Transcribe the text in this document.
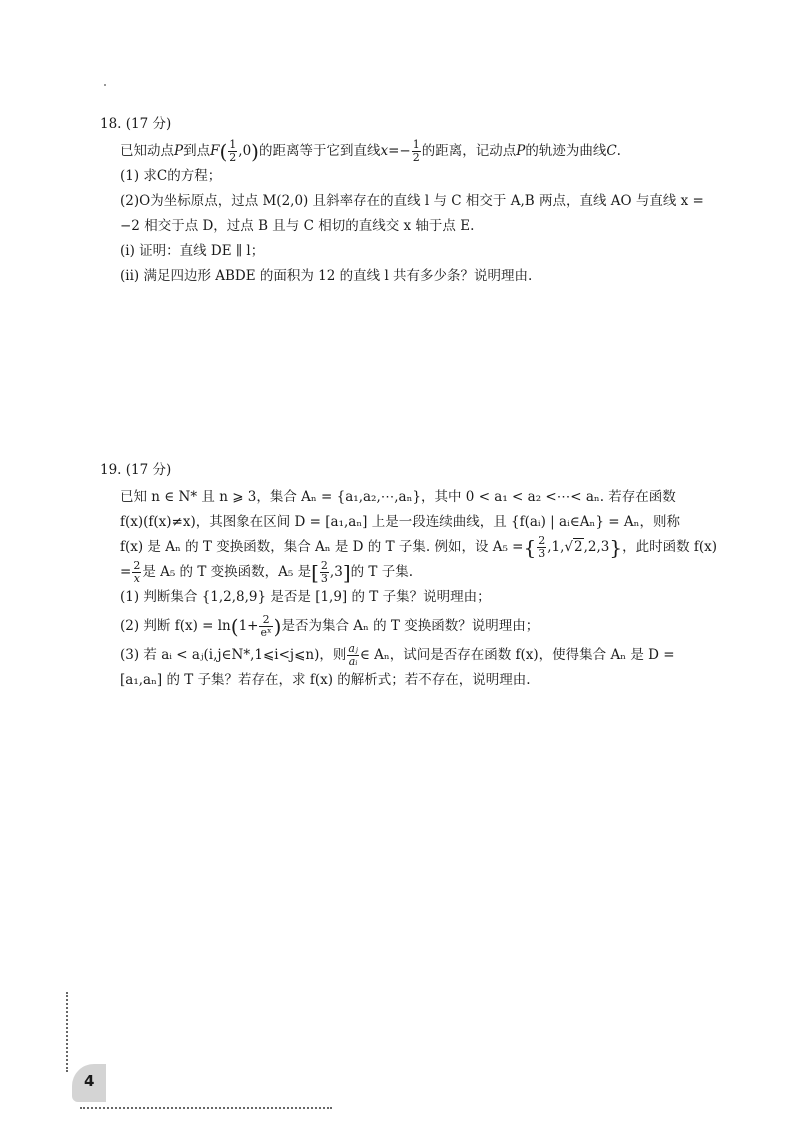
18. (17 分)
已知动点P到点$F( \frac{1}{2} ,0)$的距离等于它到直线$x=- \frac{1}{2}$ 的距离，记动点P的轨迹为曲线C.
(1) 求C的方程；
(2)O为坐标原点，过点 M(2,0) 且斜率存在的直线 l 与 C 相交于 A,B 两点，直线 AO 与直线 x =
−2 相交于点 D，过点 B 且与 C 相切的直线交 x 轴于点 E.
(i) 证明：直线 DE ∥ l；
(ii) 满足四边形 ABDE 的面积为 12 的直线 l 共有多少条？说明理由.
19. (17 分)
已知 n ∈ N* 且 n ⩾ 3，集合 Aₙ = {a₁,a₂,⋯,aₙ}，其中 0 < a₁ < a₂ <⋯< aₙ. 若存在函数
f(x)(f(x)≠x)，其图象在区间 D = [a₁,aₙ] 上是一段连续曲线，且 {f(aᵢ) | aᵢ∈Aₙ} = Aₙ，则称
f(x) 是 Aₙ 的 T 变换函数，集合 Aₙ 是 D 的 T 子集. 例如，设 A₅ ={ $\frac{2}{3} ,1,√2,2,3$}，此时函数 f(x)
= $\frac{2}{x}$ 是 A₅ 的 T 变换函数，A₅ 是[ $\frac{2}{3} ,3$]的 T 子集.
(1) 判断集合 {1,2,8,9} 是否是 [1,9] 的 T 子集？说明理由；
(2) 判断 $f(x) = \ln(1+ \frac{2}{\text{eˣ}}$ )是否为集合 Aₙ 的 T 变换函数？说明理由；
(3) 若 aᵢ < aⱼ(i,j∈N*,1⩽i<j⩽n)，则 $\frac{\text{aⱼ}}{\text{aᵢ}}$ ∈ Aₙ，试问是否存在函数 f(x)，使得集合 Aₙ 是 D =
[a₁,aₙ] 的 T 子集？若存在，求 f(x) 的解析式；若不存在，说明理由.
4
